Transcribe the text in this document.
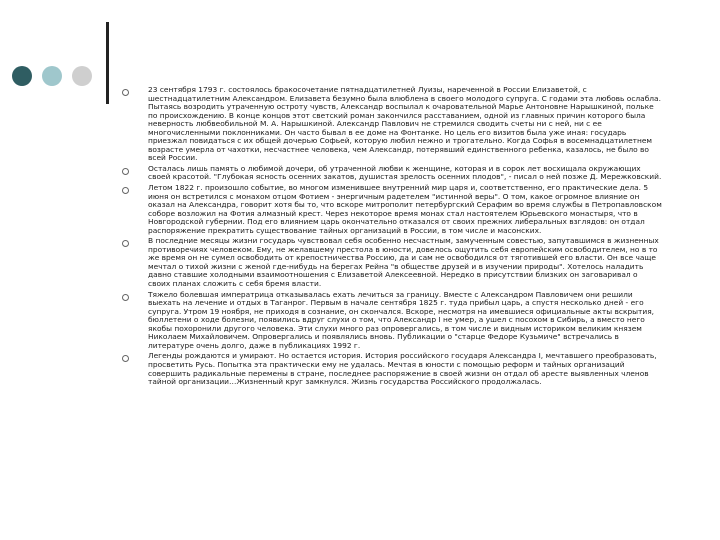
23 сентября 1793 г. состоялось бракосочетание пятнадцатилетней Луизы, нареченной в России Елизаветой, с шестнадцатилетним Александром. Елизавета безумно была влюблена в своего молодого супруга. С годами эта любовь ослабла. Пытаясь возродить утраченную остроту чувств, Александр воспылал к очаровательной Марье Антоновне Нарышкиной, польке по происхождению. В конце концов этот светский роман закончился расставанием, одной из главных причин которого была неверность любвеобильной М. А. Нарышкиной. Александр Павлович не стремился сводить счеты ни с ней, ни с ее многочисленными поклонниками. Он часто бывал в ее доме на Фонтанке. Но цель его визитов была уже иная: государь приезжал повидаться с их общей дочерью Софьей, которую любил нежно и трогательно. Когда Софья в восемнадцатилетнем возрасте умерла от чахотки, несчастнее человека, чем Александр, потерявший единственного ребенка, казалось, не было во всей России.
Осталась лишь память о любимой дочери, об утраченной любви к женщине, которая и в сорок лет восхищала окружающих своей красотой. "Глубокая ясность осенних закатов, душистая зрелость осенних плодов", - писал о ней позже Д. Мережковский.
Летом 1822 г. произошло событие, во многом изменившее внутренний мир царя и, соответственно, его практические дела. 5 июня он встретился с монахом отцом Фотием - энергичным радетелем "истинной веры". О том, какое огромное влияние он оказал на Александра, говорит хотя бы то, что вскоре митрополит петербургский Серафим во время службы в Петропавловском соборе возложил на Фотия алмазный крест. Через некоторое время монах стал настоятелем Юрьевского монастыря, что в Новгородской губернии. Под его влиянием царь окончательно отказался от своих прежних либеральных взглядов: он отдал распоряжение прекратить существование тайных организаций в России, в том числе и масонских.
В последние месяцы жизни государь чувствовал себя особенно несчастным, замученным совестью, запутавшимся в жизненных противоречиях человеком. Ему, не желавшему престола в юности, довелось ощутить себя европейским освободителем, но в то же время он не сумел освободить от крепостничества Россию, да и сам не освободился от тяготившей его власти. Он все чаще мечтал о тихой жизни с женой где-нибудь на берегах Рейна "в обществе друзей и в изучении природы". Хотелось наладить давно ставшие холодными взаимоотношения с Елизаветой Алексеевной. Нередко в присутствии близких он заговаривал о своих планах сложить с себя бремя власти.
Тяжело болевшая императрица отказывалась ехать лечиться за границу. Вместе с Александром Павловичем они решили выехать на лечение и отдых в Таганрог. Первым в начале сентября 1825 г. туда прибыл царь, а спустя несколько дней - его супруга. Утром 19 ноября, не приходя в сознание, он скончался. Вскоре, несмотря на имевшиеся официальные акты вскрытия, бюллетени о ходе болезни, появились вдруг слухи о том, что Александр I не умер, а ушел с посохом в Сибирь, а вместо него якобы похоронили другого человека. Эти слухи много раз опровергались, в том числе и видным историком великим князем Николаем Михайловичем. Опровергались и появлялись вновь. Публикации о "старце Федоре Кузьмиче" встречались в литературе очень долго, даже в публикациях 1992 г.
Легенды рождаются и умирают. Но остается история. История российского государя Александра I, мечтавшего преобразовать, просветить Русь. Попытка эта практически ему не удалась. Мечтая в юности с помощью реформ и тайных организаций совершить радикальные перемены в стране, последнее распоряжение в своей жизни он отдал об аресте выявленных членов тайной организации…Жизненный круг замкнулся. Жизнь государства Российского продолжалась.
